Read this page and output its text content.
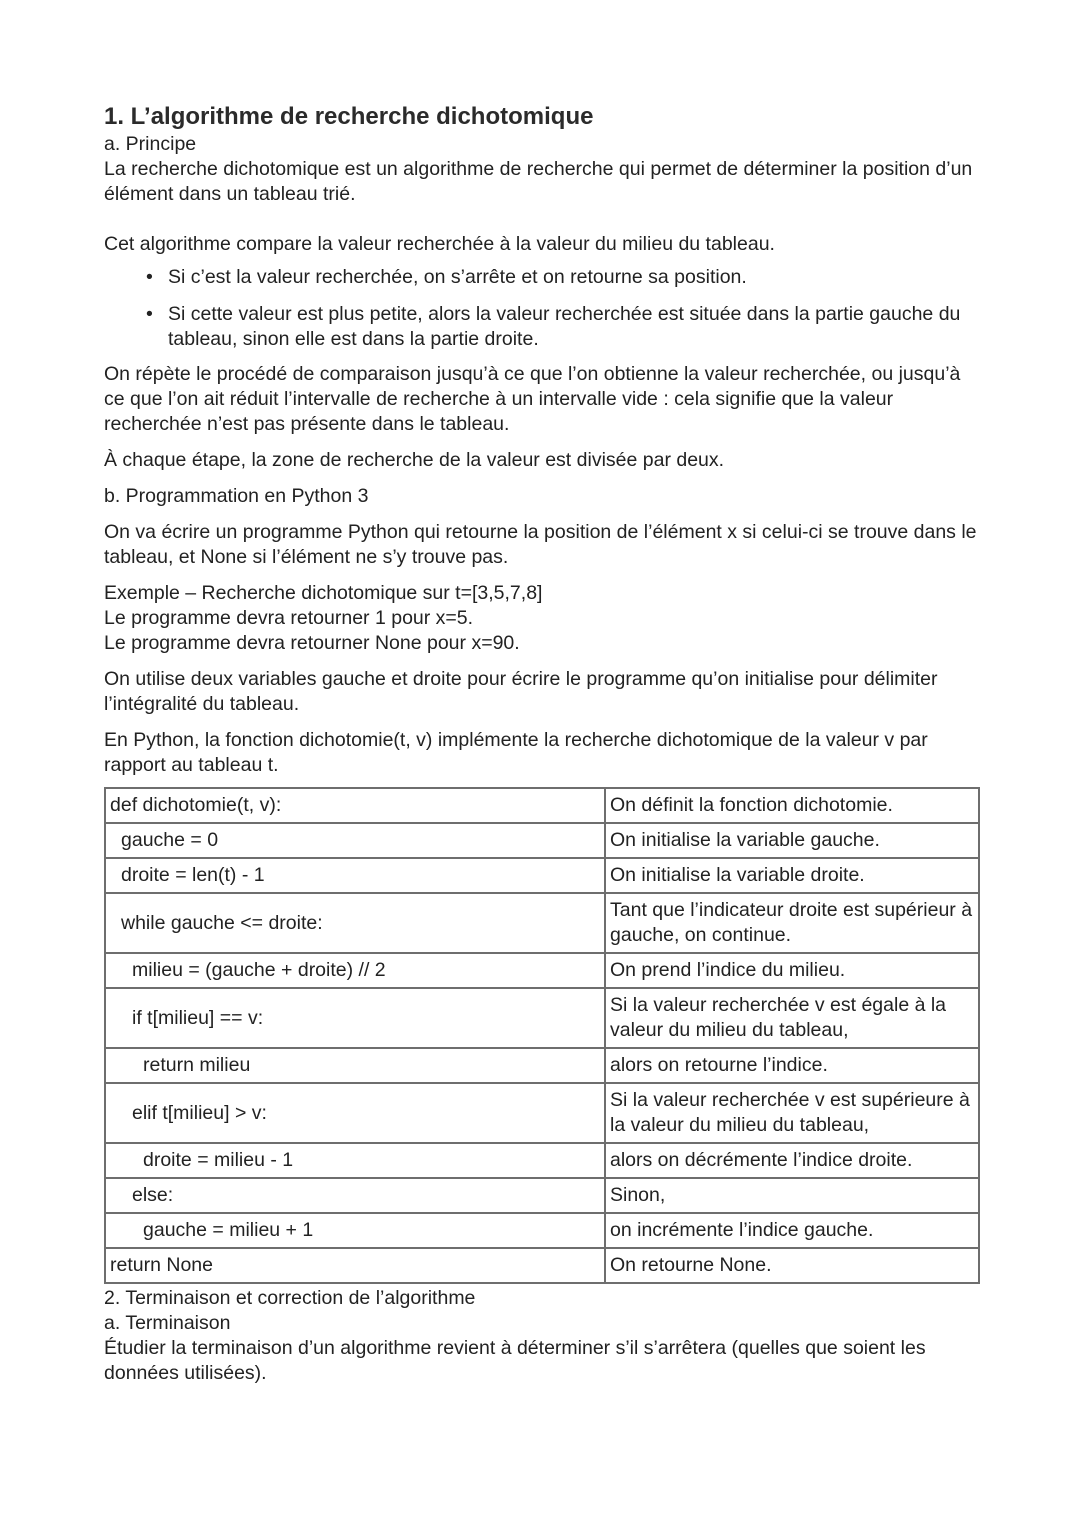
1. L’algorithme de recherche dichotomique
a. Principe

La recherche dichotomique est un algorithme de recherche qui permet de déterminer la position d’un élément dans un tableau trié.

Cet algorithme compare la valeur recherchée à la valeur du milieu du tableau.

• Si c’est la valeur recherchée, on s’arrête et on retourne sa position.
• Si cette valeur est plus petite, alors la valeur recherchée est située dans la partie gauche du tableau, sinon elle est dans la partie droite.

On répète le procédé de comparaison jusqu’à ce que l’on obtienne la valeur recherchée, ou jusqu’à ce que l’on ait réduit l’intervalle de recherche à un intervalle vide : cela signifie que la valeur recherchée n’est pas présente dans le tableau.

À chaque étape, la zone de recherche de la valeur est divisée par deux.

b. Programmation en Python 3

On va écrire un programme Python qui retourne la position de l’élément x si celui-ci se trouve dans le tableau, et None si l’élément ne s’y trouve pas.

Exemple – Recherche dichotomique sur t=[3,5,7,8]
Le programme devra retourner 1 pour x=5.
Le programme devra retourner None pour x=90.

On utilise deux variables gauche et droite pour écrire le programme qu’on initialise pour délimiter l’intégralité du tableau.

En Python, la fonction dichotomie(t, v) implémente la recherche dichotomique de la valeur v par rapport au tableau t.

def dichotomie(t, v):	On définit la fonction dichotomie.
gauche = 0	On initialise la variable gauche.
droite = len(t) - 1	On initialise la variable droite.
while gauche <= droite:	Tant que l’indicateur droite est supérieur à gauche, on continue.
milieu = (gauche + droite) // 2	On prend l’indice du milieu.
if t[milieu] == v:	Si la valeur recherchée v est égale à la valeur du milieu du tableau,
return milieu	alors on retourne l’indice.
elif t[milieu] > v:	Si la valeur recherchée v est supérieure à la valeur du milieu du tableau,
droite = milieu - 1	alors on décrémente l’indice droite.
else:	Sinon,
gauche = milieu + 1	on incrémente l’indice gauche.
return None	On retourne None.
2. Terminaison et correction de l’algorithme
a. Terminaison

Étudier la terminaison d’un algorithme revient à déterminer s’il s’arrêtera (quelles que soient les données utilisées).
